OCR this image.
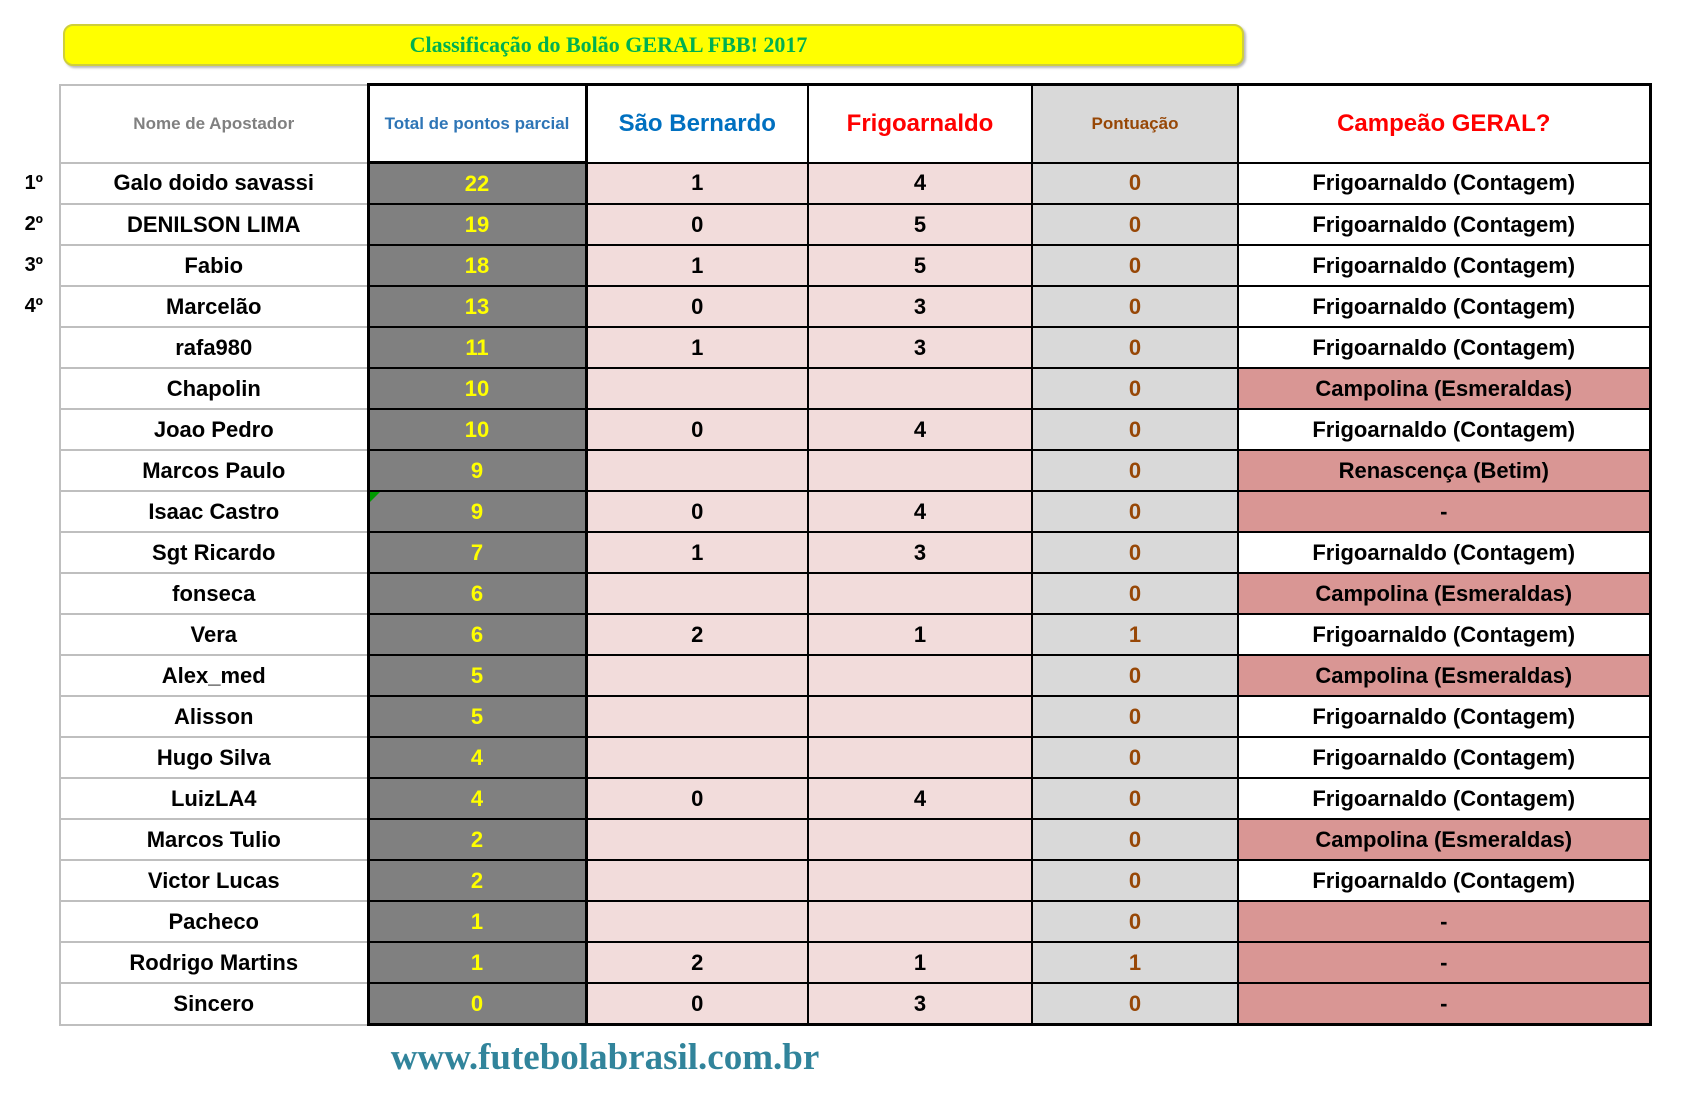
Classificação do Bolão GERAL FBB! 2017
	Nome de Apostador	Total de pontos parcial	São Bernardo	Frigoarnaldo	Pontuação	Campeão GERAL?
1º	Galo doido savassi	22	1	4	0	Frigoarnaldo (Contagem)
2º	DENILSON LIMA	19	0	5	0	Frigoarnaldo (Contagem)
3º	Fabio	18	1	5	0	Frigoarnaldo (Contagem)
4º	Marcelão	13	0	3	0	Frigoarnaldo (Contagem)
	rafa980	11	1	3	0	Frigoarnaldo (Contagem)
	Chapolin	10			0	Campolina (Esmeraldas)
	Joao Pedro	10	0	4	0	Frigoarnaldo (Contagem)
	Marcos Paulo	9			0	Renascença (Betim)
	Isaac Castro	9	0	4	0	-
	Sgt Ricardo	7	1	3	0	Frigoarnaldo (Contagem)
	fonseca	6			0	Campolina (Esmeraldas)
	Vera	6	2	1	1	Frigoarnaldo (Contagem)
	Alex_med	5			0	Campolina (Esmeraldas)
	Alisson	5			0	Frigoarnaldo (Contagem)
	Hugo Silva	4			0	Frigoarnaldo (Contagem)
	LuizLA4	4	0	4	0	Frigoarnaldo (Contagem)
	Marcos Tulio	2			0	Campolina (Esmeraldas)
	Victor Lucas	2			0	Frigoarnaldo (Contagem)
	Pacheco	1			0	-
	Rodrigo Martins	1	2	1	1	-
	Sincero	0	0	3	0	-
www.futebolabrasil.com.br
